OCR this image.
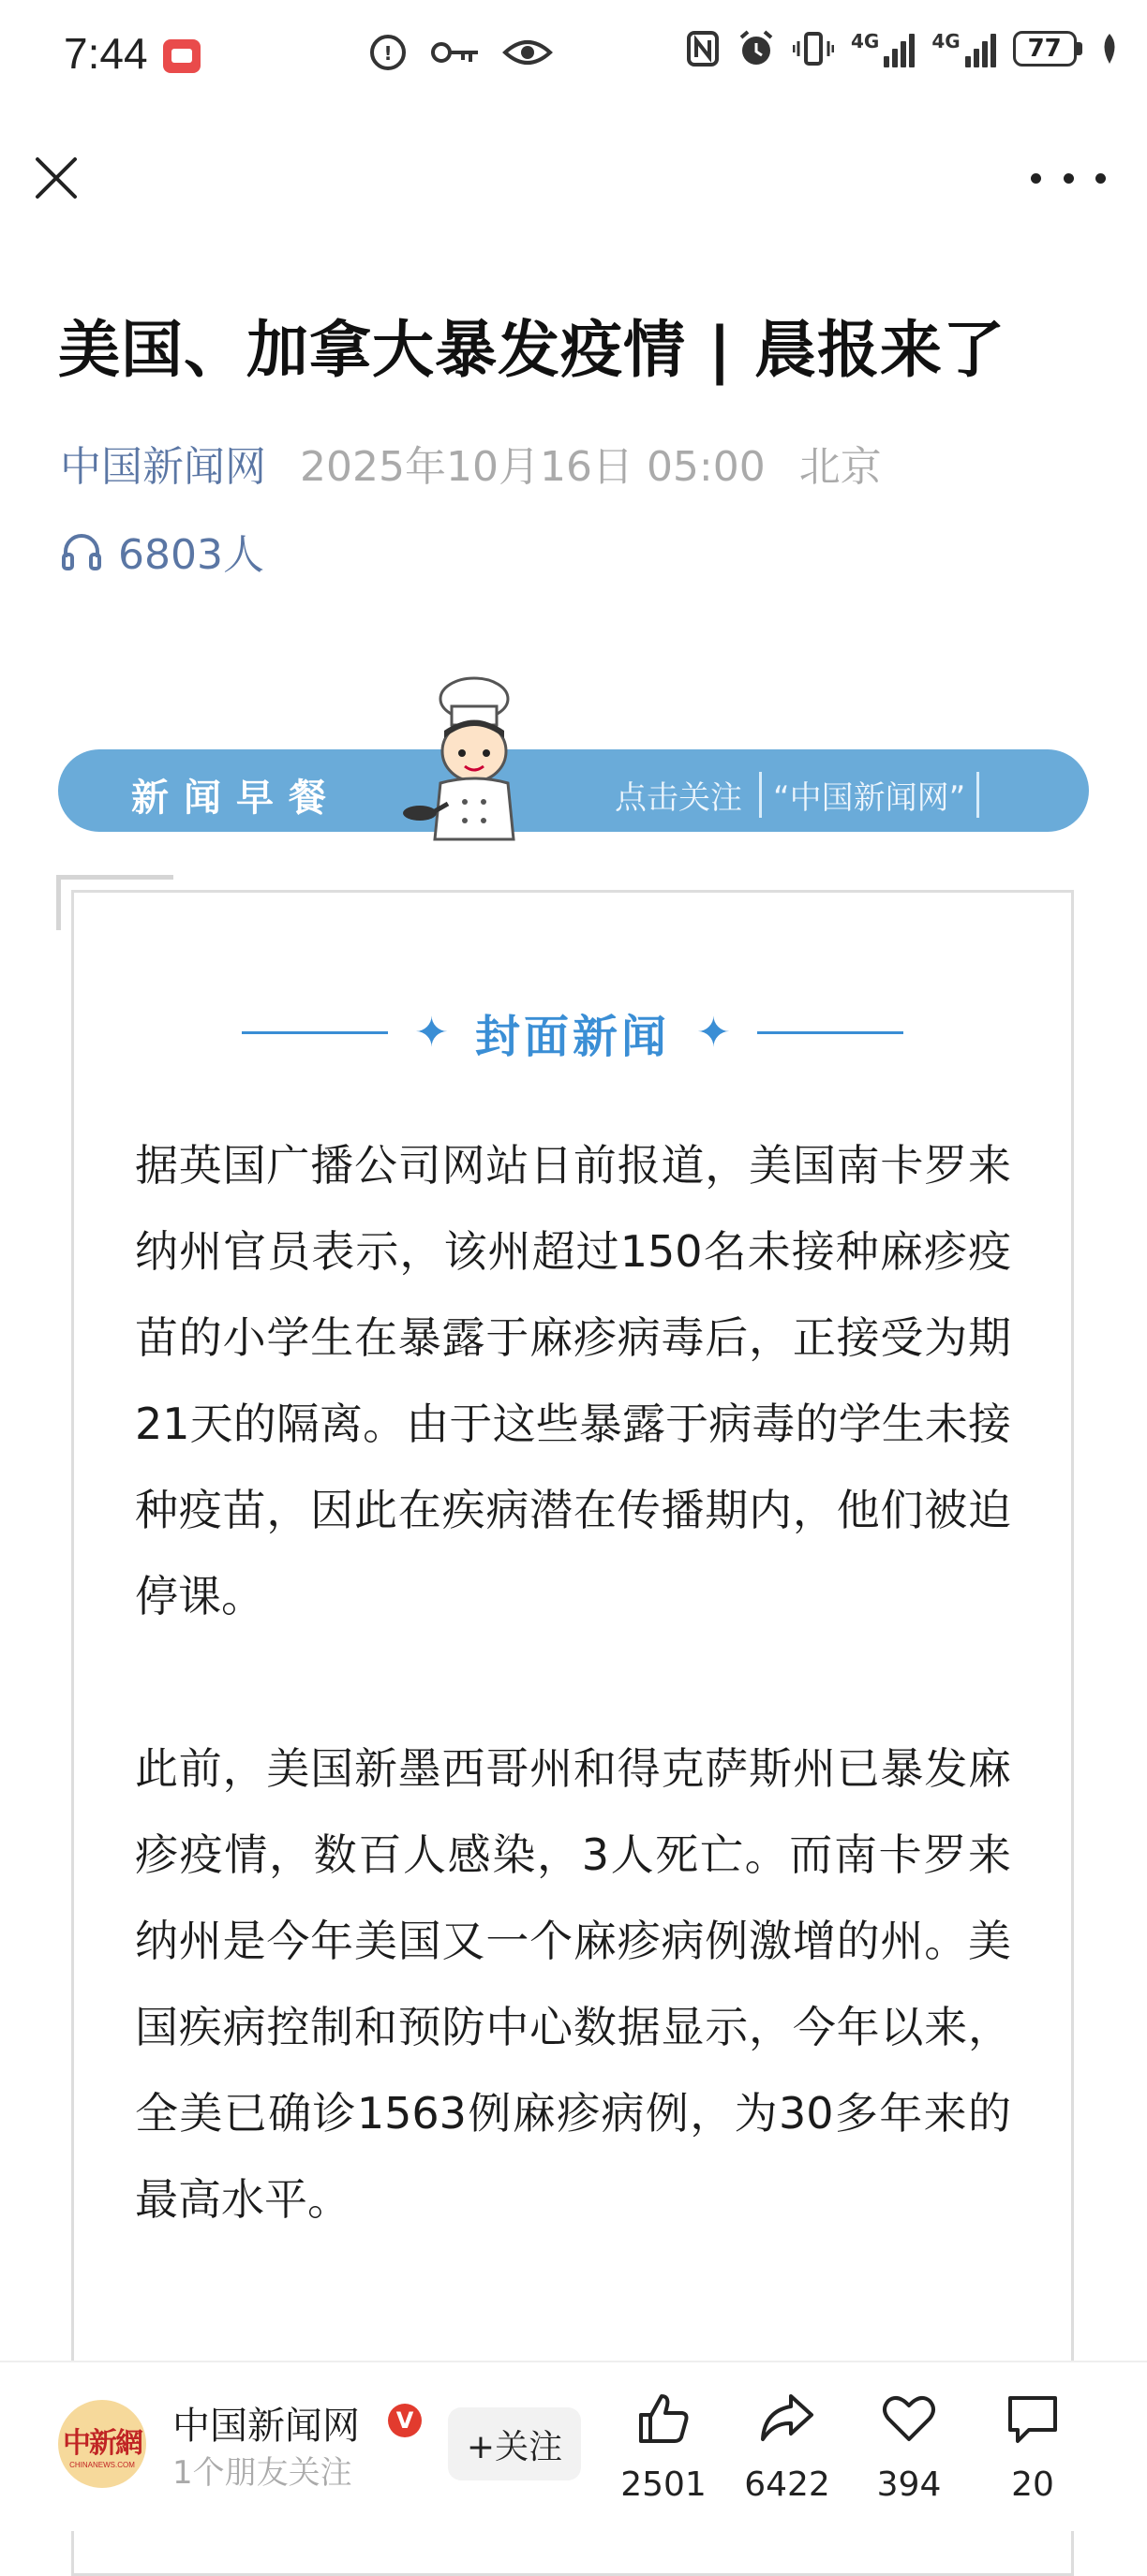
7:44	!
4G	4G	77
美国、加拿大暴发疫情 | 晨报来了
中国新闻网 2025年10月16日 05:00 北京
6803人
新闻早餐	点击关注 “中国新闻网”
✦ 封面新闻 ✦
据英国广播公司网站日前报道，美国南卡罗来纳州官员表示，该州超过150名未接种麻疹疫苗的小学生在暴露于麻疹病毒后，正接受为期21天的隔离。由于这些暴露于病毒的学生未接种疫苗，因此在疾病潜在传播期内，他们被迫停课。
此前，美国新墨西哥州和得克萨斯州已暴发麻疹疫情，数百人感染，3人死亡。而南卡罗来纳州是今年美国又一个麻疹病例激增的州。美国疾病控制和预防中心数据显示，今年以来，全美已确诊1563例麻疹病例，为30多年来的最高水平。
中新網
CHINANEWS.COM
中国新闻网	V
1个朋友关注
+关注
2501 6422 394 20
